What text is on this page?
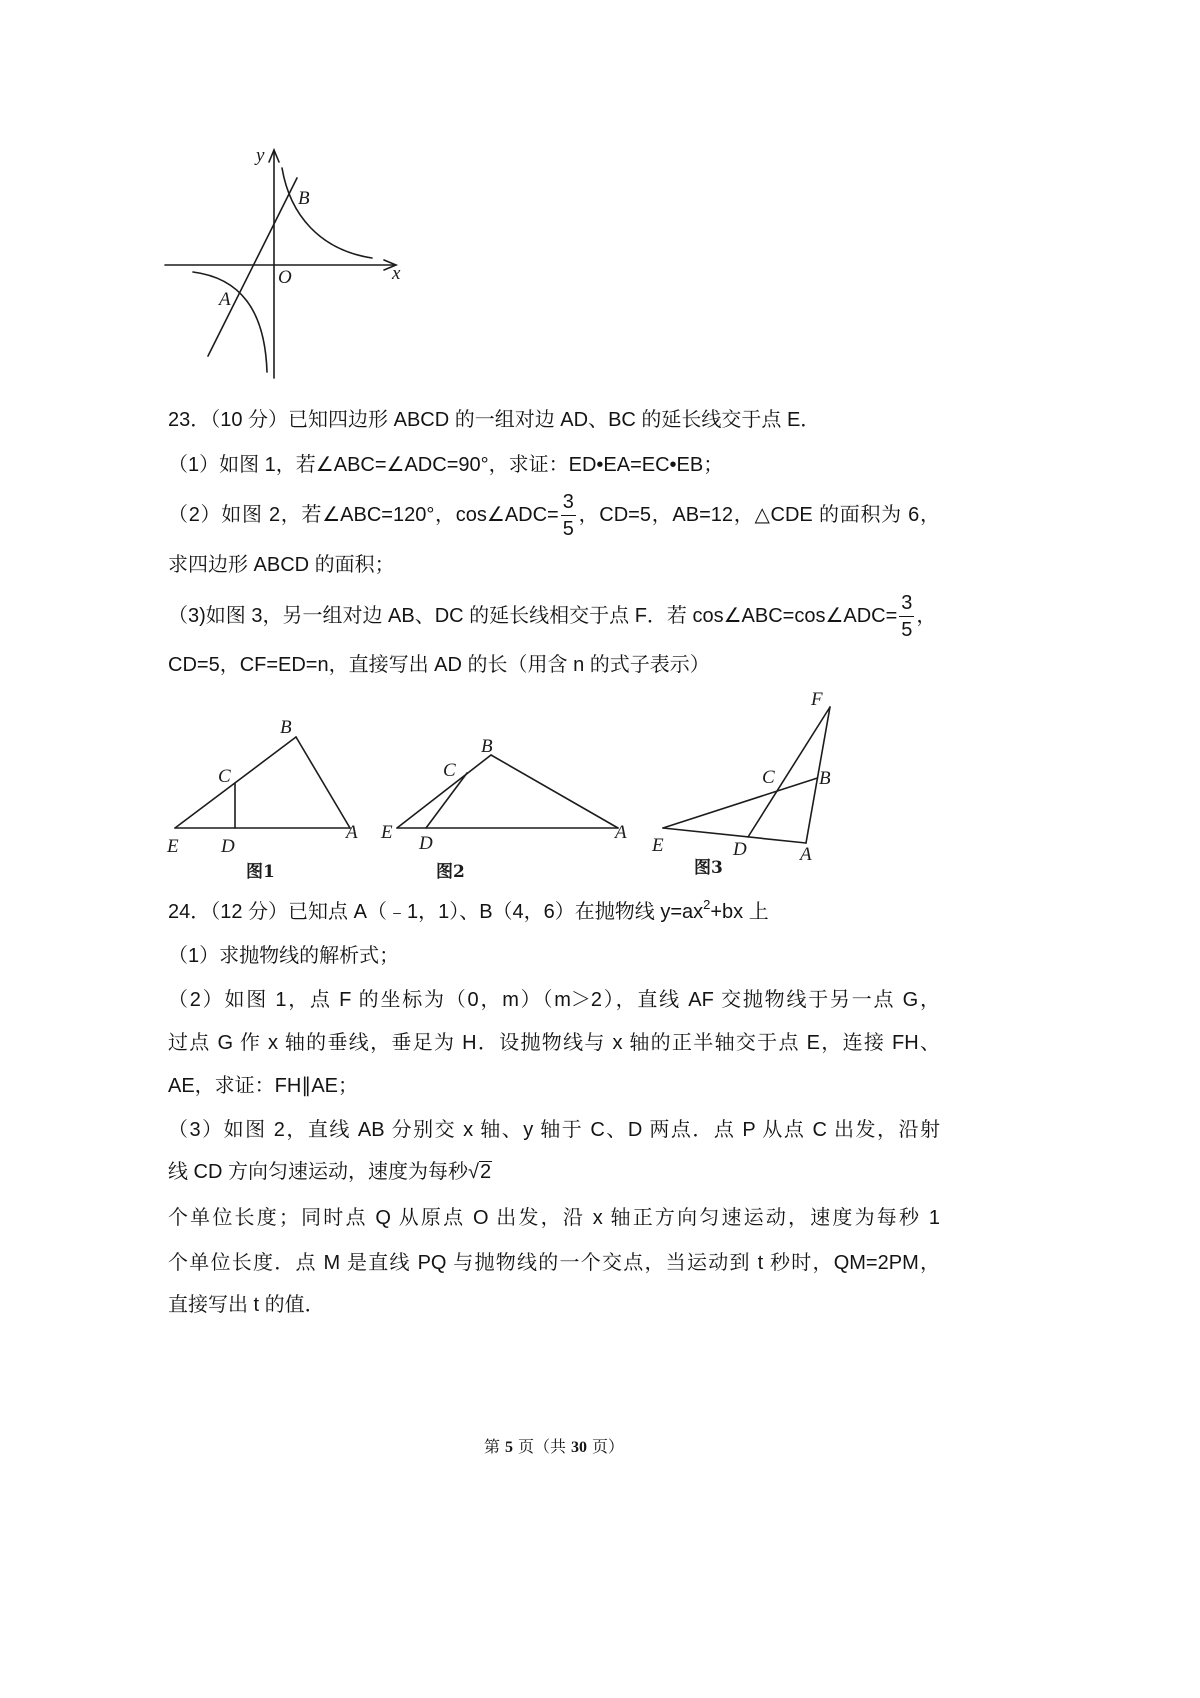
y
B
O	x
A
23．（10 分）已知四边形 ABCD 的一组对边 AD、BC 的延长线交于点 E．
（1）如图 1，若∠ABC=∠ADC=90°，求证：ED•EA=EC•EB；
（2）如图 2，若∠ABC=120°，cos∠ADC= $\frac{3}{5}$ ，CD=5，AB=12，△CDE 的面积为 6，
求四边形 ABCD 的面积；
（3)如图 3，另一组对边 AB、DC 的延长线相交于点 F．若 cos∠ABC=cos∠ADC= $\frac{3}{5}$ ，
CD=5，CF=ED=n，直接写出 AD 的长（用含 n 的式子表示）
B
C
E D
A
图1
B
C
E
D
A
图2
F
C B
E	D	A
图3
24．（12 分）已知点 A（﹣1，1）、B（4，6）在抛物线 $y=ax^2+bx$ 上
（1）求抛物线的解析式；
（2）如图 1，点 F 的坐标为（0，m）（m＞2），直线 AF 交抛物线于另一点 G，
过点 G 作 x 轴的垂线，垂足为 H．设抛物线与 x 轴的正半轴交于点 E，连接 FH、
AE，求证：FH∥AE；
（3）如图 2，直线 AB 分别交 x 轴、y 轴于 C、D 两点．点 P 从点 C 出发，沿射
线 CD 方向匀速运动，速度为每秒√2
个单位长度；同时点 Q 从原点 O 出发，沿 x 轴正方向匀速运动，速度为每秒 1
个单位长度．点 M 是直线 PQ 与抛物线的一个交点，当运动到 t 秒时，QM=2PM，
直接写出 t 的值．
第 5 页（共 30 页）
